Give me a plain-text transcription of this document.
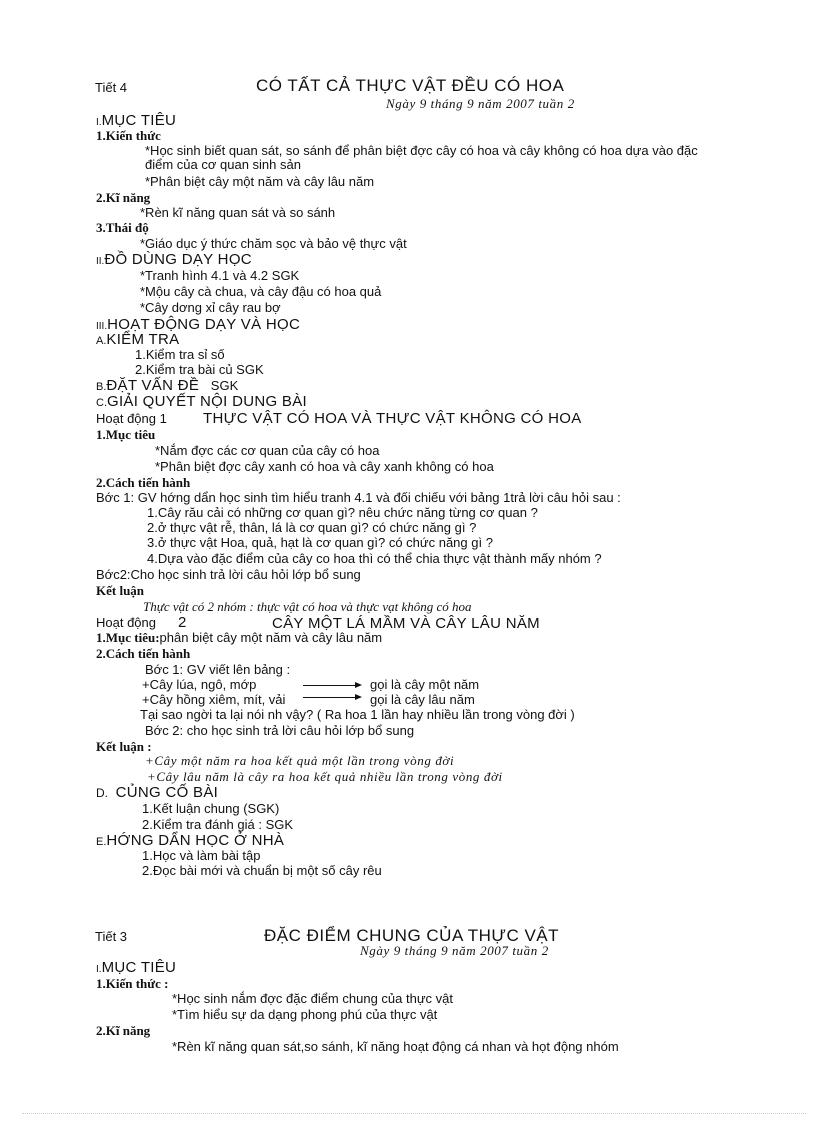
Tiết 4	CÓ TẤT CẢ THỰC VẬT ĐỀU CÓ HOA
Ngày 9 tháng 9 năm 2007 tuần 2
I.MỤC TIÊU
1.Kiến thức
*Học sinh biết quan sát, so sánh để phân biệt đợc cây có hoa và cây không có hoa dựa vào đặc
điểm của cơ quan sinh sản
*Phân biệt cây một năm và cây lâu năm
2.Kĩ năng
*Rèn kĩ năng quan sát và so sánh
3.Thái độ
*Giáo dục ý thức chăm sọc và bảo vệ thực vật
II.ĐỒ DÙNG DẠY HỌC
*Tranh hình 4.1 và 4.2 SGK
*Mộu cây cà chua, và cây đậu có hoa quả
*Cây dơng xỉ cây rau bợ
III.HOẠT ĐỘNG DẠY VÀ HỌC
A.KIỂM TRA
1.Kiểm tra sỉ số
2.Kiểm tra bài củ SGK
B.ĐẶT VẤN ĐỀ SGK
C.GIẢI QUYẾT NỘI DUNG BÀI
Hoạt động 1 THỰC VẬT CÓ HOA VÀ THỰC VẬT KHÔNG CÓ HOA
1.Mục tiêu
*Nắm đợc các cơ quan của cây có hoa
*Phân biệt đợc cây xanh có hoa và cây xanh không có hoa
2.Cách tiến hành
Bớc 1: GV hớng dẩn học sinh tìm hiểu tranh 4.1 và đối chiếu với bảng 1trả lời câu hỏi sau :
1.Cây rău cải có những cơ quan gì? nêu chức năng từng cơ quan ?
2.ở thực vật rễ, thân, lá là cơ quan gì? có chức năng gì ?
3.ở thực vật Hoa, quả, hạt là cơ quan gì? có chức năng gì ?
4.Dựa vào đặc điểm của cây co hoa thì có thể chia thực vật thành mấy nhóm ?
Bớc2:Cho học sinh trả lời câu hỏi lớp bổ sung
Kết luận
Thực vật có 2 nhóm : thực vật có hoa và thực vạt không có hoa
Hoạt động 2	CÂY MỘT LÁ MẦM VÀ CÂY LÂU NĂM
1.Mục tiêu:phân biệt cây một năm và cây lâu năm
2.Cách tiến hành
Bớc 1: GV viết lên bảng :
+Cây lúa, ngô, mớp	gọi là cây một năm
+Cây hồng xiêm, mít, vải	gọi là cây lâu năm
Tại sao ngời ta lại nói nh vậy? ( Ra hoa 1 lần hay nhiều lần trong vòng đời )
Bớc 2: cho học sinh trả lời câu hỏi lớp bổ sung
Kết luận :
+Cây một năm ra hoa kết quả một lần trong vòng đời
+Cây lâu năm là cây ra hoa kết quả nhiều lần trong vòng đời
D. CỦNG CỐ BÀI
1.Kết luận chung (SGK)
2.Kiểm tra đánh giá : SGK
E.HỚNG DẨN HỌC Ở NHÀ
1.Học và làm bài tập
2.Đọc bài mới và chuẩn bị một số cây rêu
Tiết 3	ĐẶC ĐIỂM CHUNG CỦA THỰC VẬT
Ngày 9 tháng 9 năm 2007 tuần 2
I.MỤC TIÊU
1.Kiến thức :
*Học sinh nắm đợc đặc điểm chung của thực vật
*Tìm hiểu sự da dạng phong phú của thực vật
2.Kĩ năng
*Rèn kĩ năng quan sát,so sánh, kĩ năng hoạt động cá nhan và họt động nhóm
